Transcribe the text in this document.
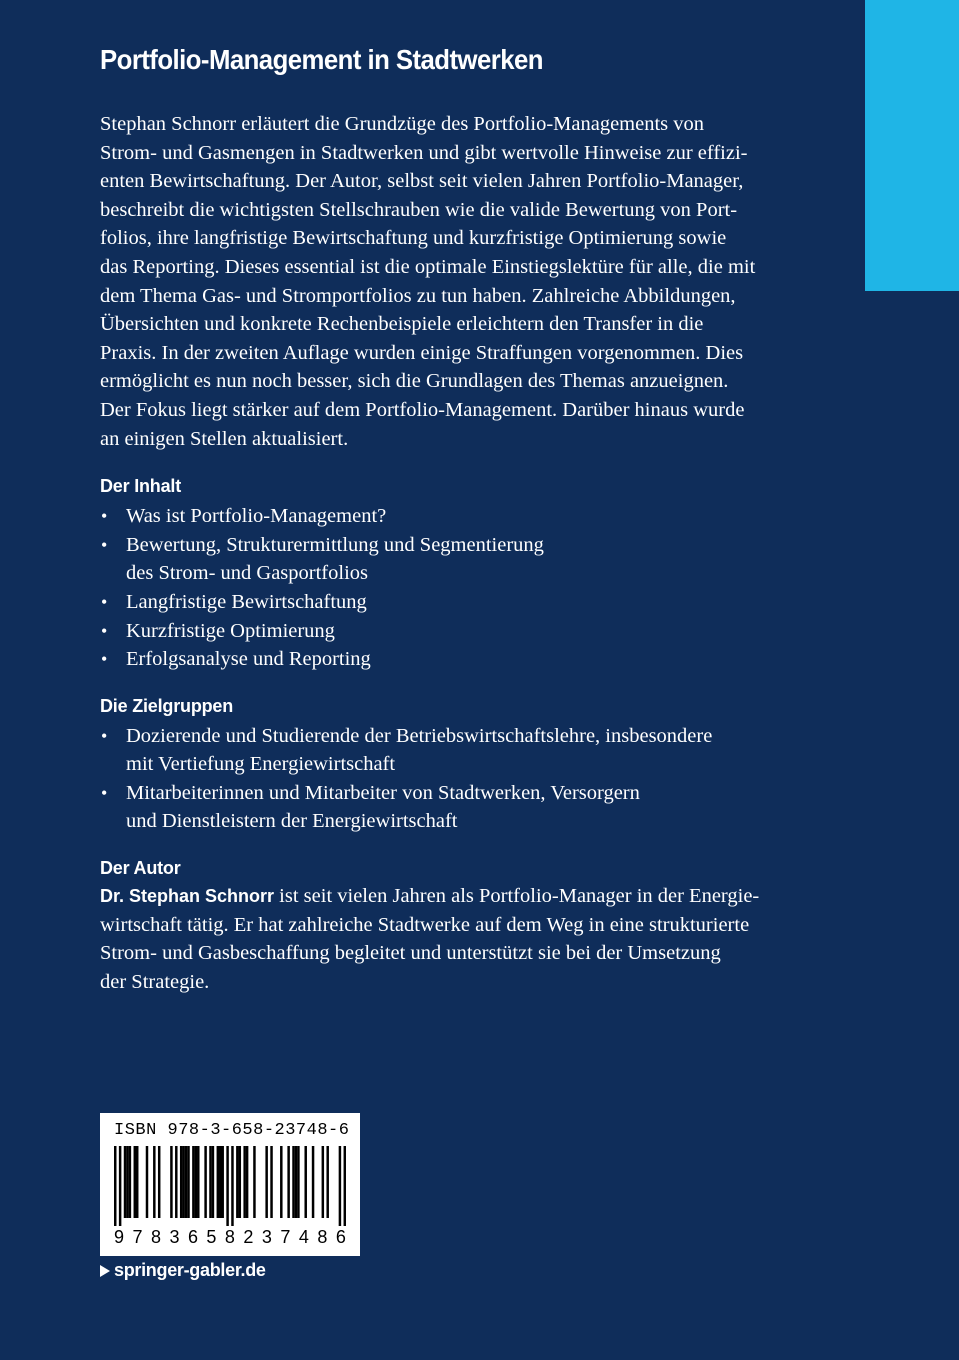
Portfolio-Management in Stadtwerken

Stephan Schnorr erläutert die Grundzüge des Portfolio-Managements von
Strom- und Gasmengen in Stadtwerken und gibt wertvolle Hinweise zur effizi-
enten Bewirtschaftung. Der Autor, selbst seit vielen Jahren Portfolio-Manager,
beschreibt die wichtigsten Stellschrauben wie die valide Bewertung von Port-
folios, ihre langfristige Bewirtschaftung und kurzfristige Optimierung sowie
das Reporting. Dieses essential ist die optimale Einstiegslektüre für alle, die mit
dem Thema Gas- und Stromportfolios zu tun haben. Zahlreiche Abbildungen,
Übersichten und konkrete Rechenbeispiele erleichtern den Transfer in die
Praxis. In der zweiten Auflage wurden einige Straffungen vorgenommen. Dies
ermöglicht es nun noch besser, sich die Grundlagen des Themas anzueignen.
Der Fokus liegt stärker auf dem Portfolio-Management. Darüber hinaus wurde
an einigen Stellen aktualisiert.

Der Inhalt
• Was ist Portfolio-Management?
• Bewertung, Strukturermittlung und Segmentierung
des Strom- und Gasportfolios
• Langfristige Bewirtschaftung
• Kurzfristige Optimierung
• Erfolgsanalyse und Reporting
Die Zielgruppen
• Dozierende und Studierende der Betriebswirtschaftslehre, insbesondere
mit Vertiefung Energiewirtschaft
• Mitarbeiterinnen und Mitarbeiter von Stadtwerken, Versorgern
und Dienstleistern der Energiewirtschaft
Der Autor

Dr. Stephan Schnorr ist seit vielen Jahren als Portfolio-Manager in der Energie-
wirtschaft tätig. Er hat zahlreiche Stadtwerke auf dem Weg in eine strukturierte
Strom- und Gasbeschaffung begleitet und unterstützt sie bei der Umsetzung
der Strategie.

ISBN 978-3-658-23748-6
9 7 8 3 6 5 8 2 3 7 4 8 6
springer-gabler.de
